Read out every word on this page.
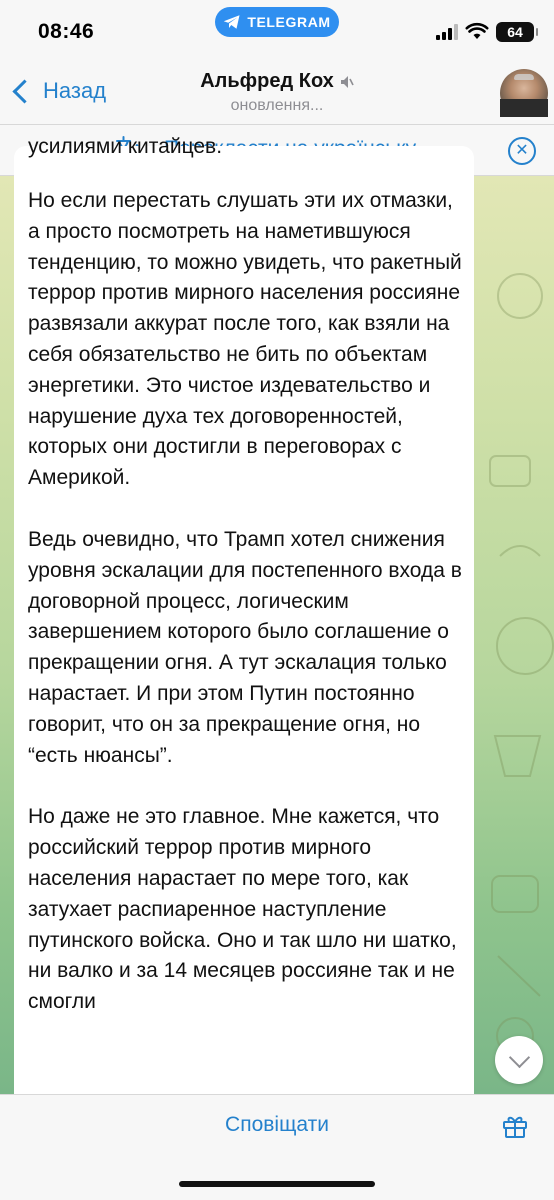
08:46	TELEGRAM
64
Назад	Альфред Кох
оновлення...
✕
усилиями китайцев.

Но если перестать слушать эти их отмазки, а просто посмотреть на наметившуюся тенденцию, то можно увидеть, что ракетный террор против мирного населения россияне развязали аккурат после того, как взяли на себя обязательство не бить по объектам энергетики. Это чистое издевательство и нарушение духа тех договоренностей, которых они достигли в переговорах с Америкой.

Ведь очевидно, что Трамп хотел снижения уровня эскалации для постепенного входа в договорной процесс, логическим завершением которого было соглашение о прекращении огня. А тут эскалация только нарастает. И при этом Путин постоянно говорит, что он за прекращение огня, но “есть нюансы”.

Но даже не это главное. Мне кажется, что российский террор против мирного населения нарастает по мере того, как затухает распиаренное наступление путинского войска. Оно и так шло ни шатко, ни валко и за 14 месяцев россияне так и не смогли

Сповіщати
